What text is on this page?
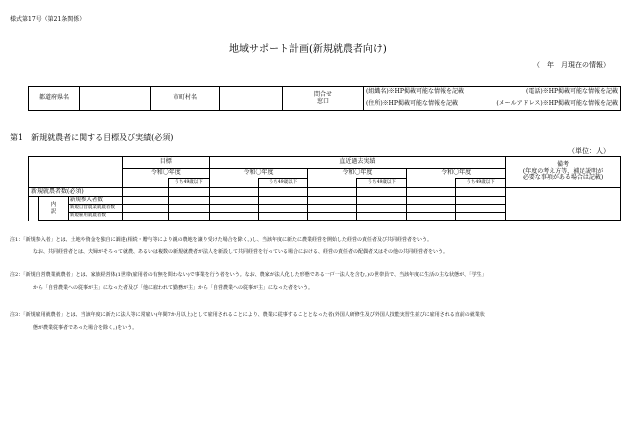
様式第17号（第21条関係）
地域サポート計画(新規就農者向け)
（　年　月現在の情報）
都道府県名		市町村名		問合せ
窓口
	(組織名)※HP掲載可能な情報を記載	(電話)※HP掲載可能な情報を記載

(住所)※HP掲載可能な情報を記載	(メールアドレス)※HP掲載可能な情報を記載
第1　新規就農者に関する目標及び実績(必須)
（単位：人）
			目標		直近過去実績						備考
(年度の考え方等、補足説明が
必要な事項がある場合は記載)

			令和〇年度		令和〇年度		令和〇年度		令和〇年度		
				うち49歳以下		うち49歳以下		うち49歳以下		うち49歳以下	
新規就農者数(必須)											

	内
訳	新規参入者数									
		新規自営農業就農者数									
		新規雇用就農者数									
注1：「新規参入者」とは、土地や資金を独自に調達(相続・贈与等により親の農地を譲り受けた場合を除く。)し、当該年度に新たに農業経営を開始した経営の責任者及び共同経営者をいう。
なお、共同経営者とは、夫婦がそろって就農、あるいは複数の新規就農者が法人を新設して共同経営を行っている場合における、経営の責任者の配偶者又はその他の共同経営者をいう。
注2：「新規自営農業就農者」とは、家族経営体(1世帯(雇用者の有無を問わない)で事業を行う者をいう。なお、農家が法人化した形態である一戸一法人を含む。)の世帯員で、当該年度に生活の主な状態が、「学生」
から「自営農業への従事が主」になった者及び「他に雇われて勤務が主」から「自営農業への従事が主」になった者をいう。
注3：「新規雇用就農者」とは、当該年度に新たに法人等に常雇い(年間7か月以上)として雇用されることにより、農業に従事することとなった者(外国人研修生及び外国人技能実習生並びに雇用される直前の就業状
態が農業従事者であった場合を除く。)をいう。
